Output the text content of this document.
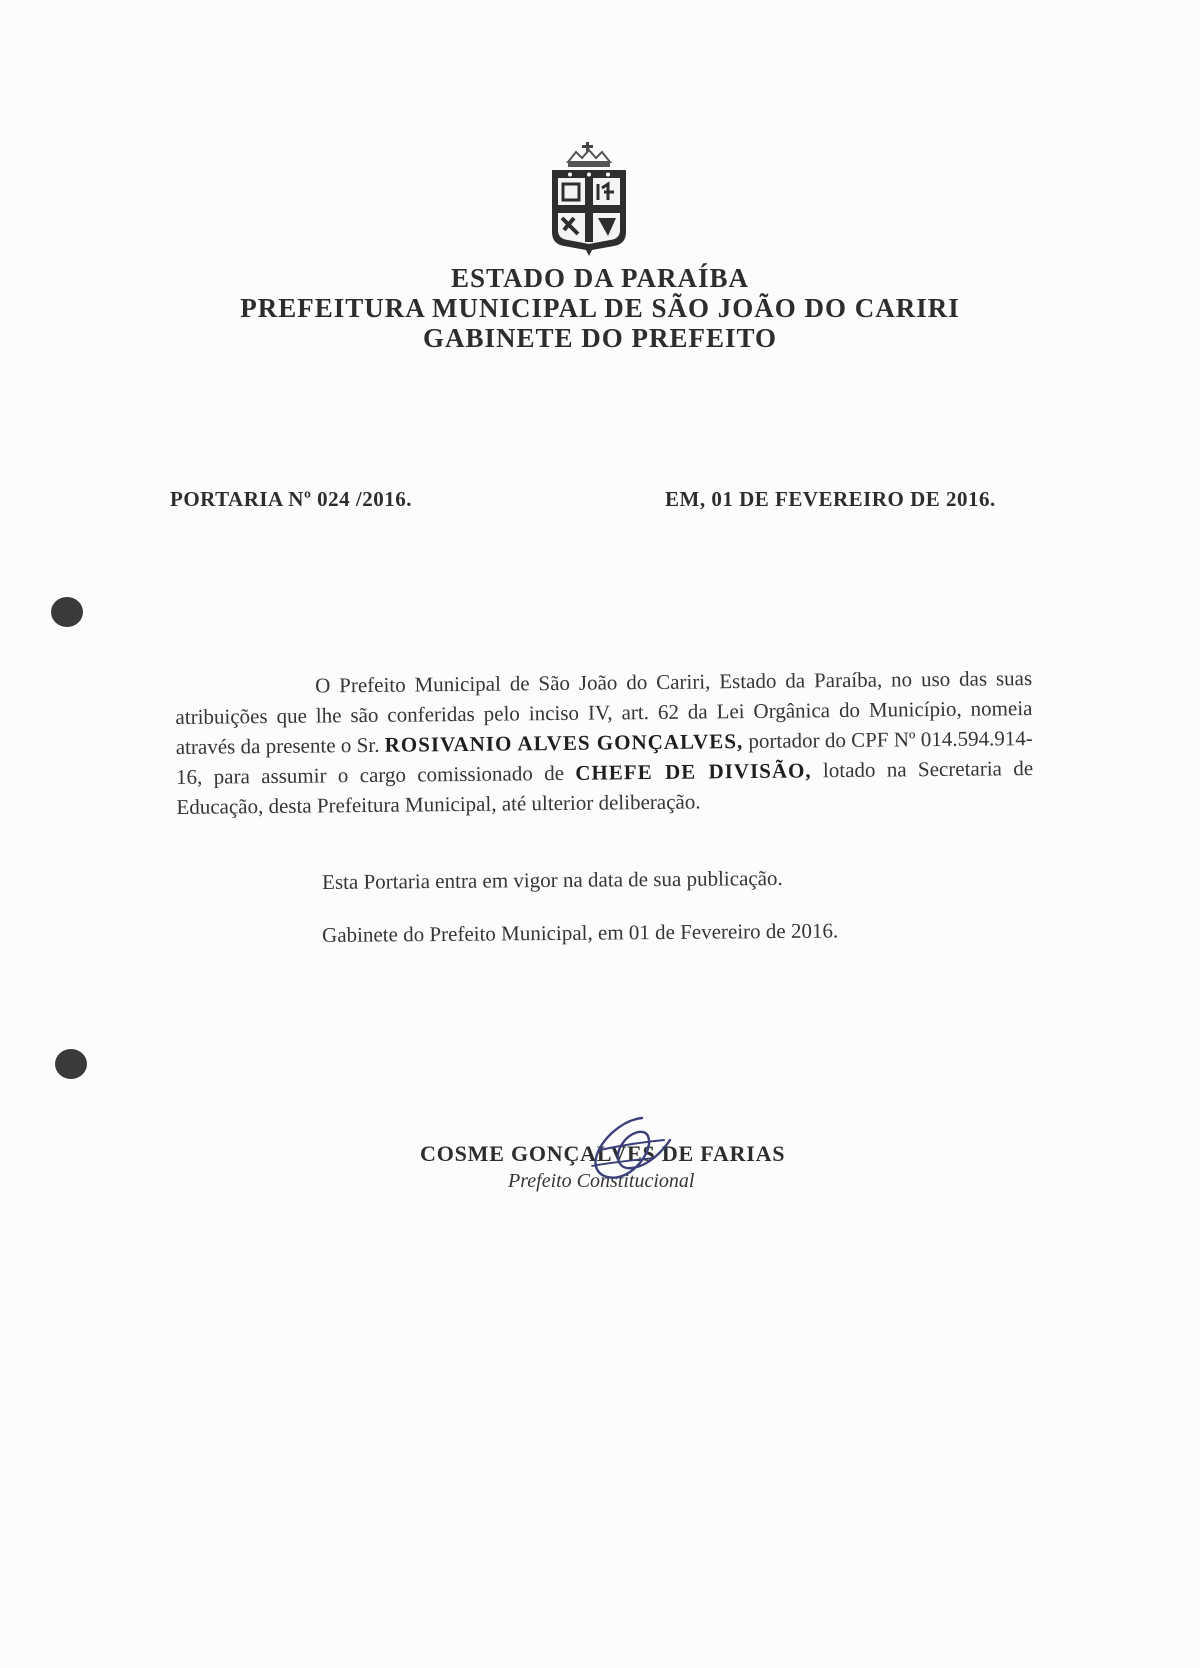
ESTADO DA PARAÍBA
PREFEITURA MUNICIPAL DE SÃO JOÃO DO CARIRI
GABINETE DO PREFEITO
PORTARIA Nº 024 /2016.	EM, 01 DE FEVEREIRO DE 2016.
O Prefeito Municipal de São João do Cariri, Estado da Paraíba, no uso das suas atribuições que lhe são conferidas pelo inciso IV, art. 62 da Lei Orgânica do Município, nomeia através da presente o Sr. ROSIVANIO ALVES GONÇALVES, portador do CPF Nº 014.594.914-16, para assumir o cargo comissionado de CHEFE DE DIVISÃO, lotado na Secretaria de Educação, desta Prefeitura Municipal, até ulterior deliberação.
Esta Portaria entra em vigor na data de sua publicação.
Gabinete do Prefeito Municipal, em 01 de Fevereiro de 2016.
COSME GONÇALVES DE FARIAS
Prefeito Constitucional
